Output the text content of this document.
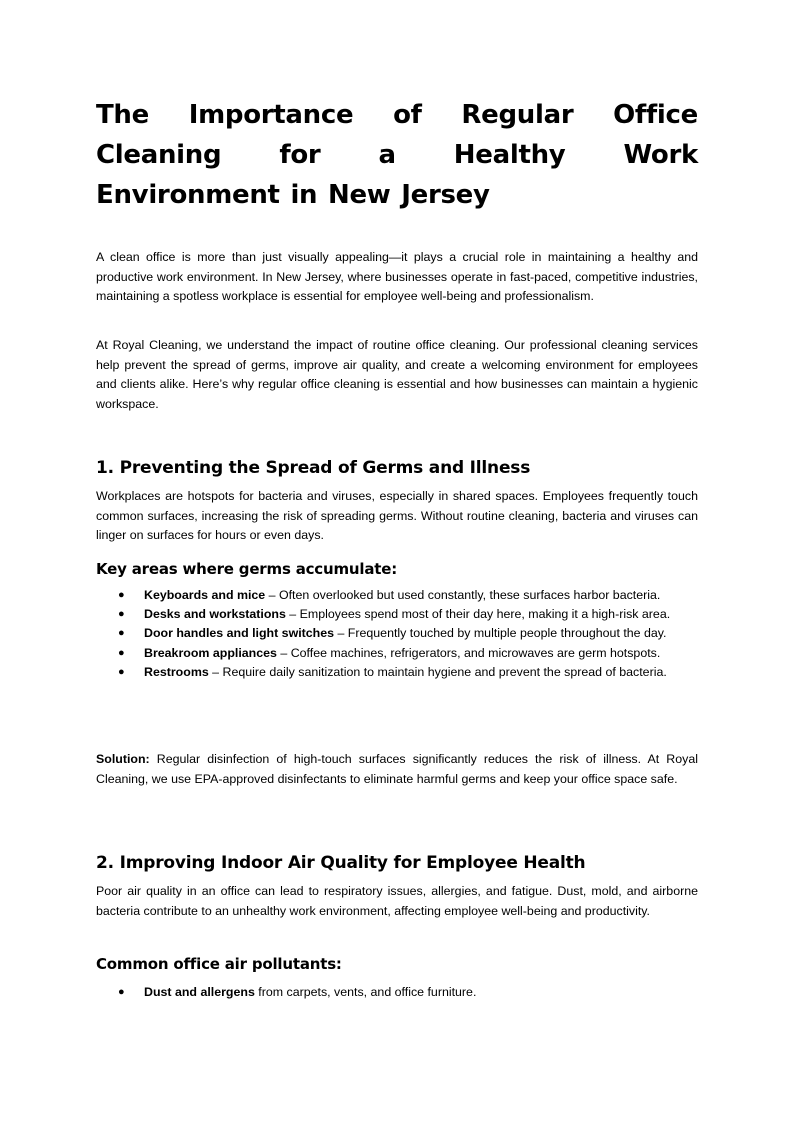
The Importance of Regular Office Cleaning for a Healthy Work Environment in New Jersey

A clean office is more than just visually appealing—it plays a crucial role in maintaining a healthy and productive work environment. In New Jersey, where businesses operate in fast-paced, competitive industries, maintaining a spotless workplace is essential for employee well-being and professionalism.

At Royal Cleaning, we understand the impact of routine office cleaning. Our professional cleaning services help prevent the spread of germs, improve air quality, and create a welcoming environment for employees and clients alike. Here’s why regular office cleaning is essential and how businesses can maintain a hygienic workspace.

1. Preventing the Spread of Germs and Illness

Workplaces are hotspots for bacteria and viruses, especially in shared spaces. Employees frequently touch common surfaces, increasing the risk of spreading germs. Without routine cleaning, bacteria and viruses can linger on surfaces for hours or even days.

Key areas where germs accumulate:
● Keyboards and mice – Often overlooked but used constantly, these surfaces harbor bacteria.
● Desks and workstations – Employees spend most of their day here, making it a high-risk area.
● Door handles and light switches – Frequently touched by multiple people throughout the day.
● Breakroom appliances – Coffee machines, refrigerators, and microwaves are germ hotspots.
● Restrooms – Require daily sanitization to maintain hygiene and prevent the spread of bacteria.

Solution: Regular disinfection of high-touch surfaces significantly reduces the risk of illness. At Royal Cleaning, we use EPA-approved disinfectants to eliminate harmful germs and keep your office space safe.

2. Improving Indoor Air Quality for Employee Health

Poor air quality in an office can lead to respiratory issues, allergies, and fatigue. Dust, mold, and airborne bacteria contribute to an unhealthy work environment, affecting employee well-being and productivity.

Common office air pollutants:
● Dust and allergens from carpets, vents, and office furniture.
